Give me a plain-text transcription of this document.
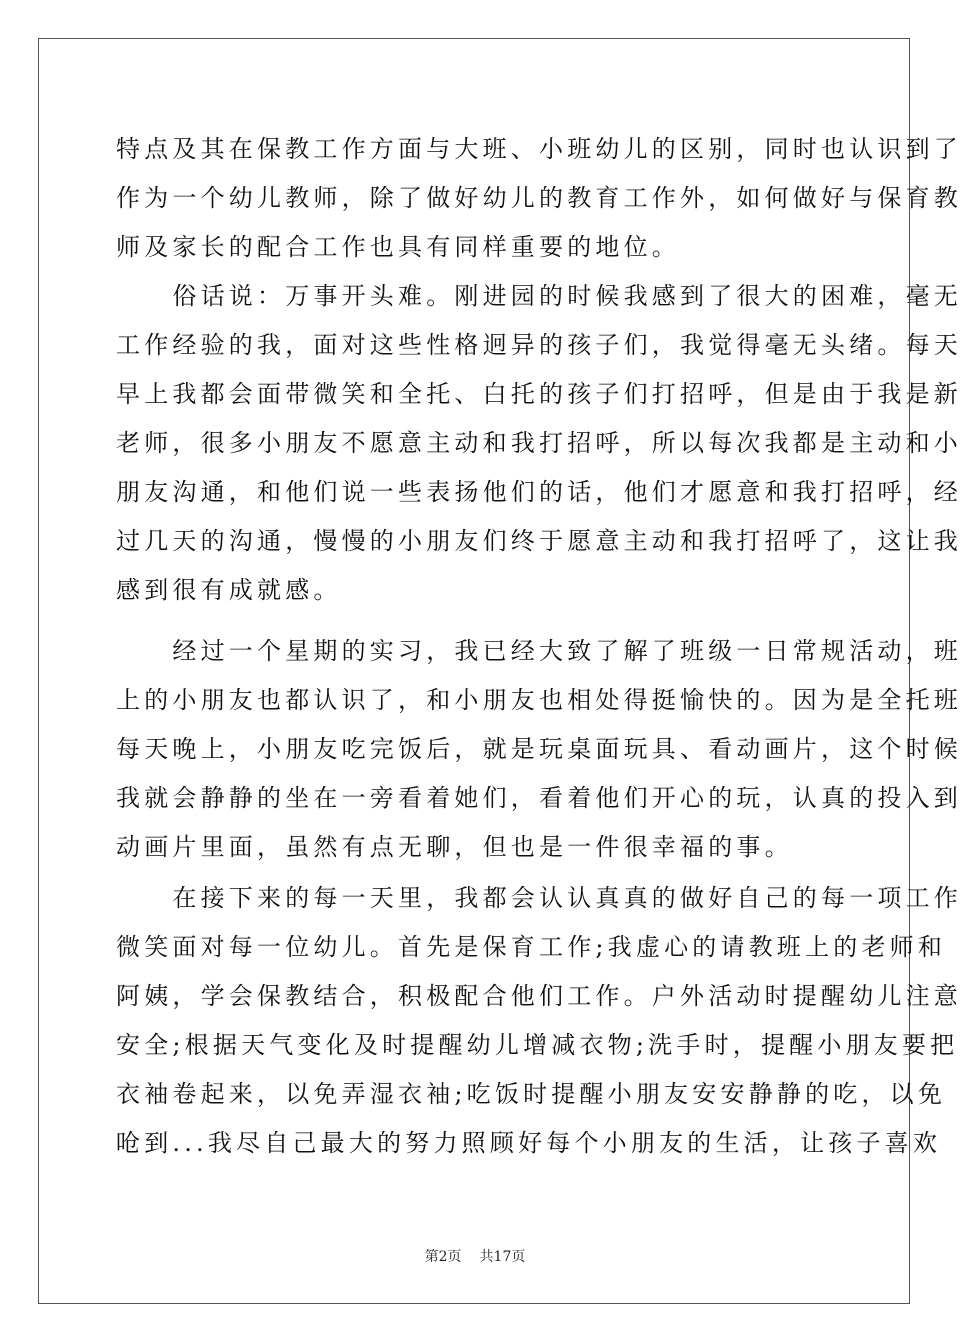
特点及其在保教工作方面与大班、小班幼儿的区别，同时也认识到了
作为一个幼儿教师，除了做好幼儿的教育工作外，如何做好与保育教
师及家长的配合工作也具有同样重要的地位。
　　俗话说：万事开头难。刚进园的时候我感到了很大的困难，毫无
工作经验的我，面对这些性格迥异的孩子们，我觉得毫无头绪。每天
早上我都会面带微笑和全托、白托的孩子们打招呼，但是由于我是新
老师，很多小朋友不愿意主动和我打招呼，所以每次我都是主动和小
朋友沟通，和他们说一些表扬他们的话，他们才愿意和我打招呼，经
过几天的沟通，慢慢的小朋友们终于愿意主动和我打招呼了，这让我
感到很有成就感。
　　经过一个星期的实习，我已经大致了解了班级一日常规活动，班
上的小朋友也都认识了，和小朋友也相处得挺愉快的。因为是全托班
每天晚上，小朋友吃完饭后，就是玩桌面玩具、看动画片，这个时候
我就会静静的坐在一旁看着她们，看着他们开心的玩，认真的投入到
动画片里面，虽然有点无聊，但也是一件很幸福的事。
　　在接下来的每一天里，我都会认认真真的做好自己的每一项工作
微笑面对每一位幼儿。首先是保育工作;我虚心的请教班上的老师和
阿姨，学会保教结合，积极配合他们工作。户外活动时提醒幼儿注意
安全;根据天气变化及时提醒幼儿增减衣物;洗手时，提醒小朋友要把
衣袖卷起来，以免弄湿衣袖;吃饭时提醒小朋友安安静静的吃，以免
呛到...我尽自己最大的努力照顾好每个小朋友的生活，让孩子喜欢
第2页 共17页
